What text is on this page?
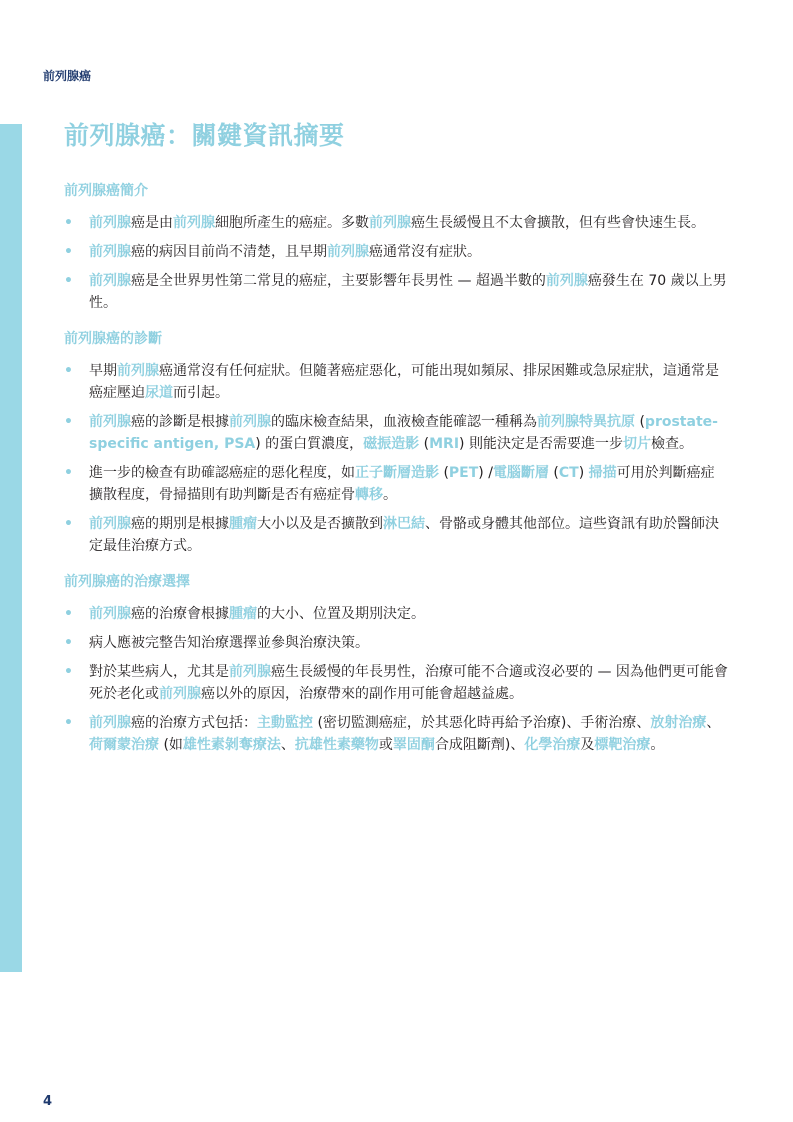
前列腺癌
前列腺癌：關鍵資訊摘要
前列腺癌簡介
• 前列腺癌是由前列腺細胞所產生的癌症。多數前列腺癌生長緩慢且不太會擴散，但有些會快速生長。
• 前列腺癌的病因目前尚不清楚，且早期前列腺癌通常沒有症狀。
• 前列腺癌是全世界男性第二常見的癌症，主要影響年長男性 — 超過半數的前列腺癌發生在 70 歲以上男性。
前列腺癌的診斷
• 早期前列腺癌通常沒有任何症狀。但隨著癌症惡化，可能出現如頻尿、排尿困難或急尿症狀，這通常是癌症壓迫尿道而引起。
• 前列腺癌的診斷是根據前列腺的臨床檢查結果，血液檢查能確認一種稱為前列腺特異抗原 (prostate-specific antigen, PSA) 的蛋白質濃度，磁振造影 (MRI) 則能決定是否需要進一步切片檢查。
• 進一步的檢查有助確認癌症的惡化程度，如正子斷層造影 (PET) /電腦斷層 (CT) 掃描可用於判斷癌症擴散程度，骨掃描則有助判斷是否有癌症骨轉移。
• 前列腺癌的期別是根據腫瘤大小以及是否擴散到淋巴結、骨骼或身體其他部位。這些資訊有助於醫師決定最佳治療方式。
前列腺癌的治療選擇
• 前列腺癌的治療會根據腫瘤的大小、位置及期別決定。
• 病人應被完整告知治療選擇並參與治療決策。
• 對於某些病人，尤其是前列腺癌生長緩慢的年長男性，治療可能不合適或沒必要的 — 因為他們更可能會死於老化或前列腺癌以外的原因，治療帶來的副作用可能會超越益處。
• 前列腺癌的治療方式包括：主動監控 (密切監測癌症，於其惡化時再給予治療)、手術治療、放射治療、荷爾蒙治療 (如雄性素剝奪療法、抗雄性素藥物或睪固酮合成阻斷劑)、化學治療及標靶治療。
4
